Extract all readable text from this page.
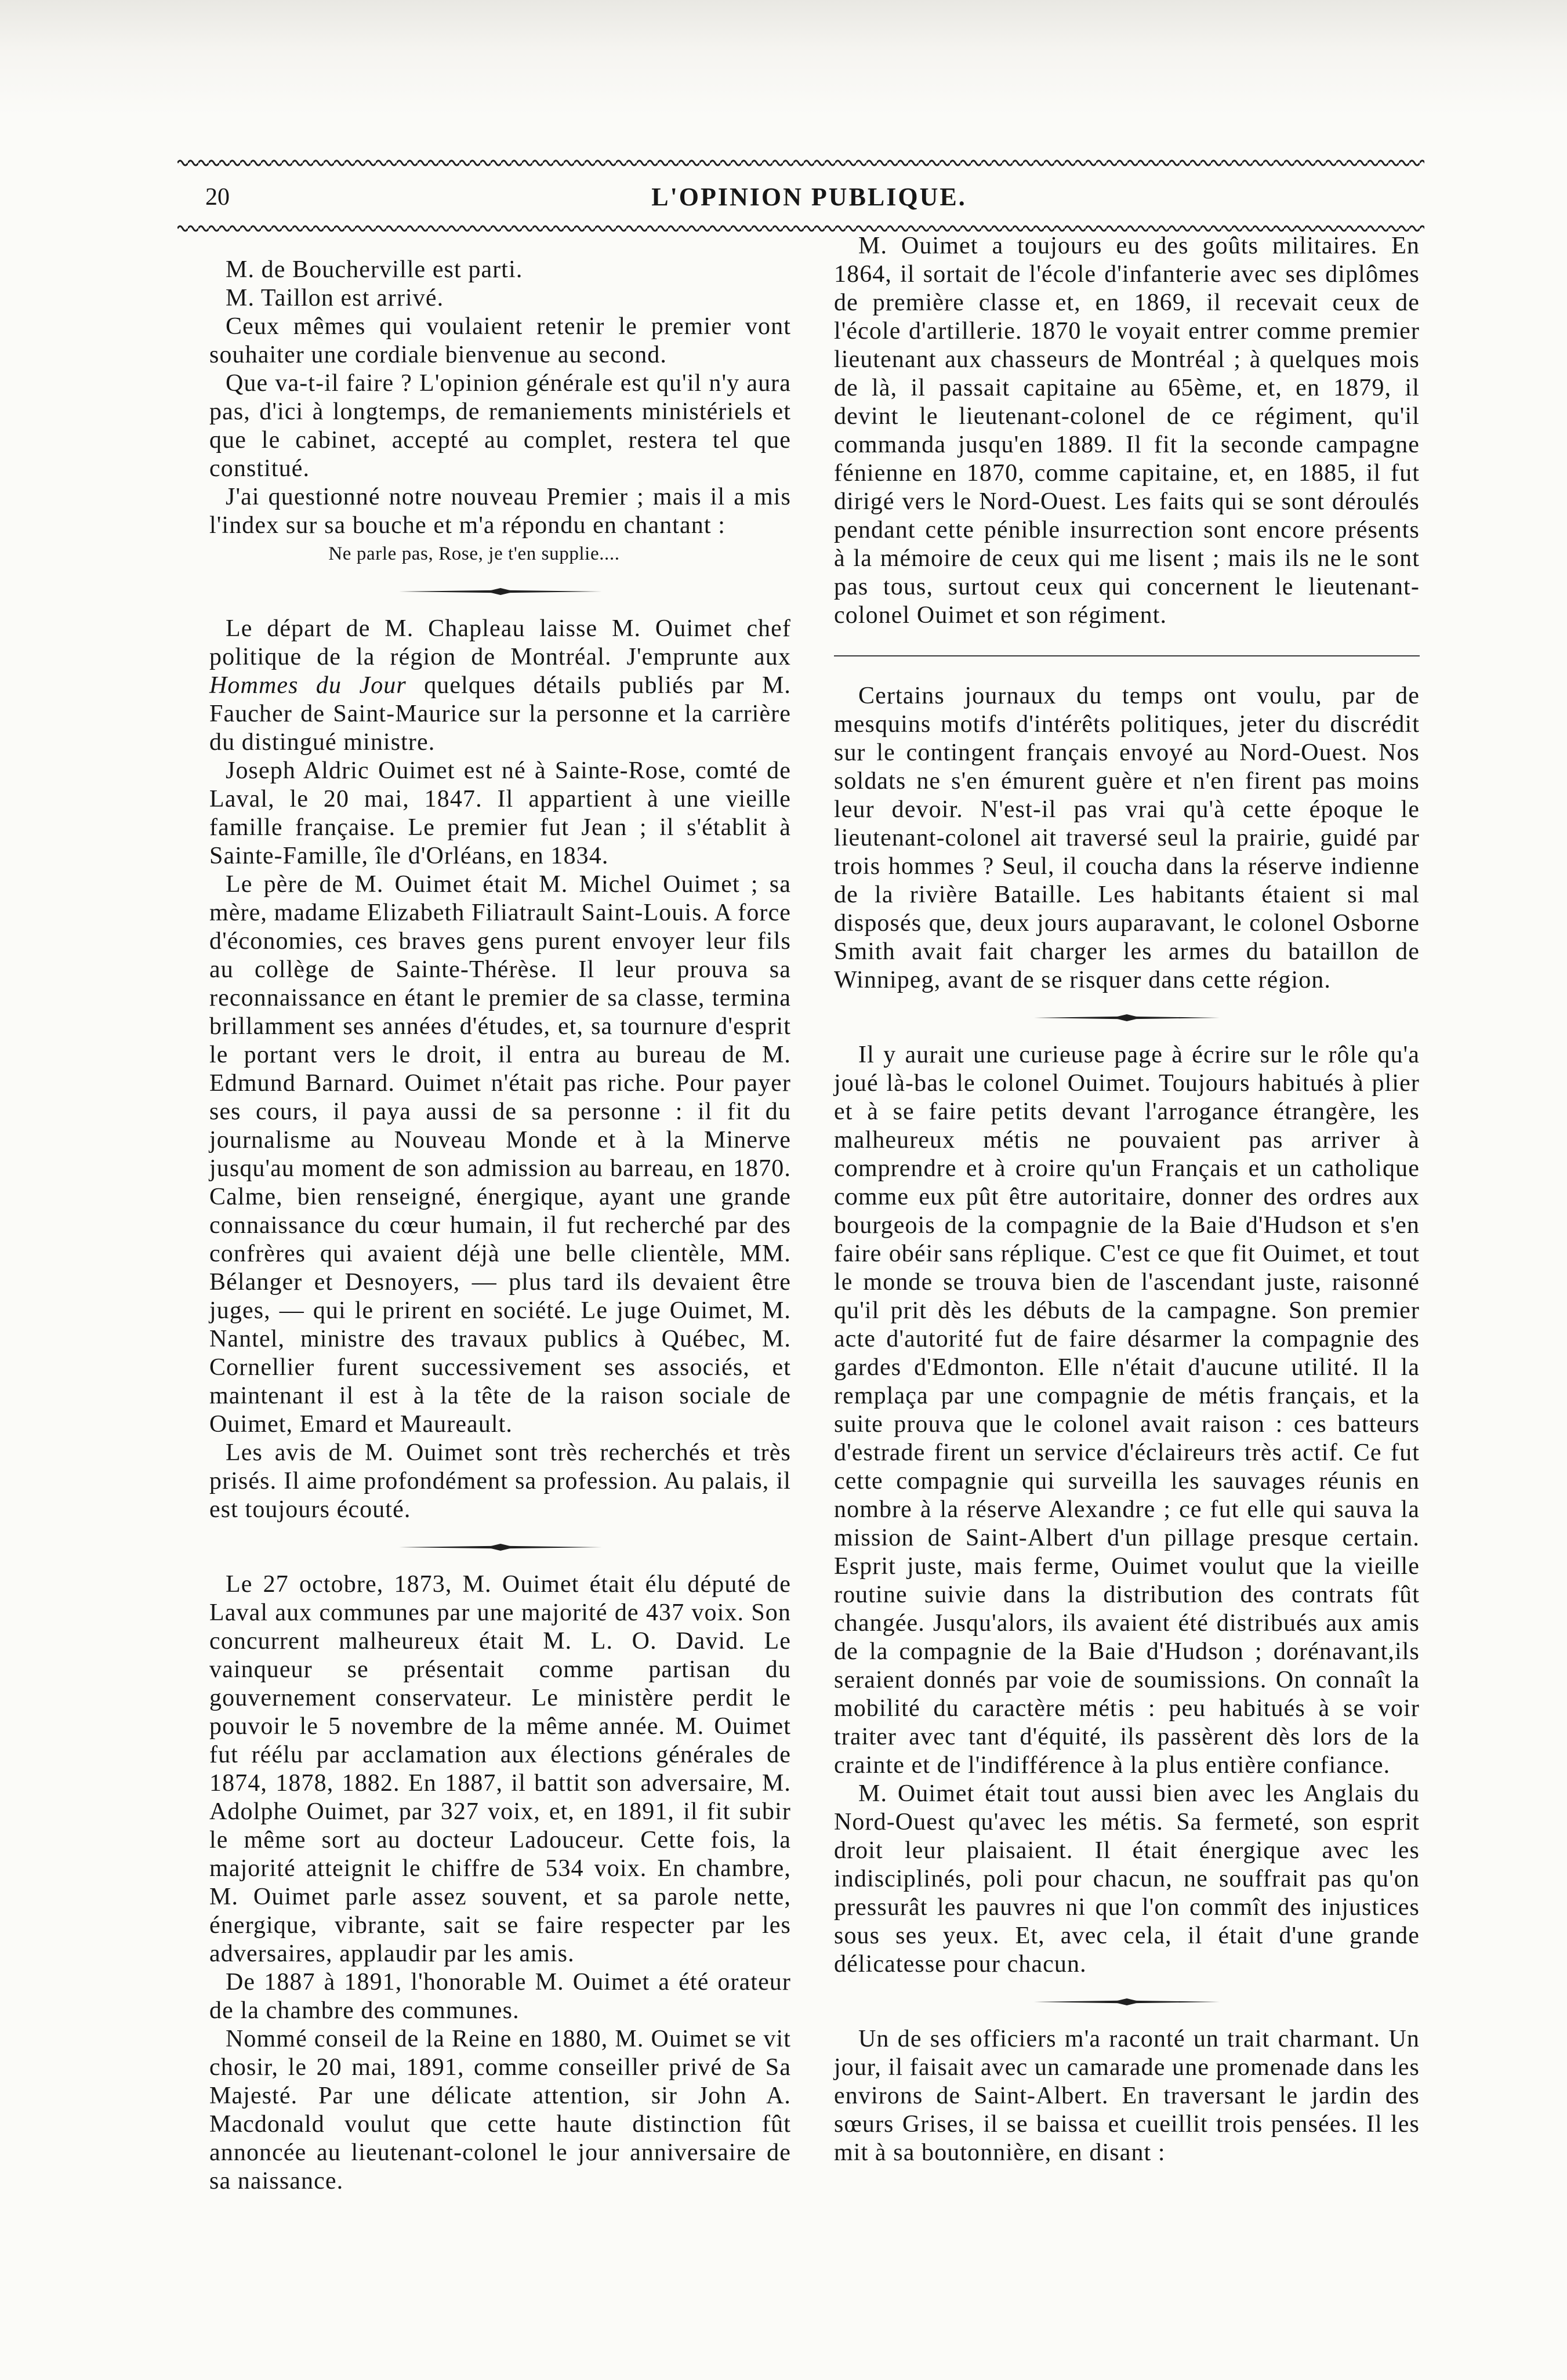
20	L'OPINION PUBLIQUE.

M. de Boucherville est parti.

M. Taillon est arrivé.

Ceux mêmes qui voulaient retenir le premier vont souhaiter une cordiale bienvenue au second.

Que va-t-il faire ? L'opinion générale est qu'il n'y aura pas, d'ici à longtemps, de remaniements ministériels et que le cabinet, accepté au complet, restera tel que constitué.

J'ai questionné notre nouveau Premier ; mais il a mis l'index sur sa bouche et m'a répondu en chantant :

Ne parle pas, Rose, je t'en supplie....

Le départ de M. Chapleau laisse M. Ouimet chef politique de la région de Montréal. J'emprunte aux Hommes du Jour quelques détails publiés par M. Faucher de Saint-Maurice sur la personne et la carrière du distingué ministre.

Joseph Aldric Ouimet est né à Sainte-Rose, comté de Laval, le 20 mai, 1847. Il appartient à une vieille famille française. Le premier fut Jean ; il s'établit à Sainte-Famille, île d'Orléans, en 1834.

Le père de M. Ouimet était M. Michel Ouimet ; sa mère, madame Elizabeth Filiatrault Saint-Louis. A force d'économies, ces braves gens purent envoyer leur fils au collège de Sainte-Thérèse. Il leur prouva sa reconnaissance en étant le premier de sa classe, termina brillamment ses années d'études, et, sa tournure d'esprit le portant vers le droit, il entra au bureau de M. Edmund Barnard. Ouimet n'était pas riche. Pour payer ses cours, il paya aussi de sa personne : il fit du journalisme au Nouveau Monde et à la Minerve jusqu'au moment de son admission au barreau, en 1870. Calme, bien renseigné, énergique, ayant une grande connaissance du cœur humain, il fut recherché par des confrères qui avaient déjà une belle clientèle, MM. Bélanger et Desnoyers, — plus tard ils devaient être juges, — qui le prirent en société. Le juge Ouimet, M. Nantel, ministre des travaux publics à Québec, M. Cornellier furent successivement ses associés, et maintenant il est à la tête de la raison sociale de Ouimet, Emard et Maureault.

Les avis de M. Ouimet sont très recherchés et très prisés. Il aime profondément sa profession. Au palais, il est toujours écouté.

Le 27 octobre, 1873, M. Ouimet était élu député de Laval aux communes par une majorité de 437 voix. Son concurrent malheureux était M. L. O. David. Le vainqueur se présentait comme partisan du gouvernement conservateur. Le ministère perdit le pouvoir le 5 novembre de la même année. M. Ouimet fut réélu par acclamation aux élections générales de 1874, 1878, 1882. En 1887, il battit son adversaire, M. Adolphe Ouimet, par 327 voix, et, en 1891, il fit subir le même sort au docteur Ladouceur. Cette fois, la majorité atteignit le chiffre de 534 voix. En chambre, M. Ouimet parle assez souvent, et sa parole nette, énergique, vibrante, sait se faire respecter par les adversaires, applaudir par les amis.

De 1887 à 1891, l'honorable M. Ouimet a été orateur de la chambre des communes.

Nommé conseil de la Reine en 1880, M. Ouimet se vit chosir, le 20 mai, 1891, comme conseiller privé de Sa Majesté. Par une délicate attention, sir John A. Macdonald voulut que cette haute distinction fût annoncée au lieutenant-colonel le jour anniversaire de sa naissance.

M. Ouimet a toujours eu des goûts militaires. En 1864, il sortait de l'école d'infanterie avec ses diplômes de première classe et, en 1869, il recevait ceux de l'école d'artillerie. 1870 le voyait entrer comme premier lieutenant aux chasseurs de Montréal ; à quelques mois de là, il passait capitaine au 65ème, et, en 1879, il devint le lieutenant-colonel de ce régiment, qu'il commanda jusqu'en 1889. Il fit la seconde campagne fénienne en 1870, comme capitaine, et, en 1885, il fut dirigé vers le Nord-Ouest. Les faits qui se sont déroulés pendant cette pénible insurrection sont encore présents à la mémoire de ceux qui me lisent ; mais ils ne le sont pas tous, surtout ceux qui concernent le lieutenant-colonel Ouimet et son régiment.

Certains journaux du temps ont voulu, par de mesquins motifs d'intérêts politiques, jeter du discrédit sur le contingent français envoyé au Nord-Ouest. Nos soldats ne s'en émurent guère et n'en firent pas moins leur devoir. N'est-il pas vrai qu'à cette époque le lieutenant-colonel ait traversé seul la prairie, guidé par trois hommes ? Seul, il coucha dans la réserve indienne de la rivière Bataille. Les habitants étaient si mal disposés que, deux jours auparavant, le colonel Osborne Smith avait fait charger les armes du bataillon de Winnipeg, avant de se risquer dans cette région.

Il y aurait une curieuse page à écrire sur le rôle qu'a joué là-bas le colonel Ouimet. Toujours habitués à plier et à se faire petits devant l'arrogance étrangère, les malheureux métis ne pouvaient pas arriver à comprendre et à croire qu'un Français et un catholique comme eux pût être autoritaire, donner des ordres aux bourgeois de la compagnie de la Baie d'Hudson et s'en faire obéir sans réplique. C'est ce que fit Ouimet, et tout le monde se trouva bien de l'ascendant juste, raisonné qu'il prit dès les débuts de la campagne. Son premier acte d'autorité fut de faire désarmer la compagnie des gardes d'Edmonton. Elle n'était d'aucune utilité. Il la remplaça par une compagnie de métis français, et la suite prouva que le colonel avait raison : ces batteurs d'estrade firent un service d'éclaireurs très actif. Ce fut cette compagnie qui surveilla les sauvages réunis en nombre à la réserve Alexandre ; ce fut elle qui sauva la mission de Saint-Albert d'un pillage presque certain. Esprit juste, mais ferme, Ouimet voulut que la vieille routine suivie dans la distribution des contrats fût changée. Jusqu'alors, ils avaient été distribués aux amis de la compagnie de la Baie d'Hudson ; dorénavant,ils seraient donnés par voie de soumissions. On connaît la mobilité du caractère métis : peu habitués à se voir traiter avec tant d'équité, ils passèrent dès lors de la crainte et de l'indifférence à la plus entière confiance.

M. Ouimet était tout aussi bien avec les Anglais du Nord-Ouest qu'avec les métis. Sa fermeté, son esprit droit leur plaisaient. Il était énergique avec les indisciplinés, poli pour chacun, ne souffrait pas qu'on pressurât les pauvres ni que l'on commît des injustices sous ses yeux. Et, avec cela, il était d'une grande délicatesse pour chacun.

Un de ses officiers m'a raconté un trait charmant. Un jour, il faisait avec un camarade une promenade dans les environs de Saint-Albert. En traversant le jardin des sœurs Grises, il se baissa et cueillit trois pensées. Il les mit à sa boutonnière, en disant :
